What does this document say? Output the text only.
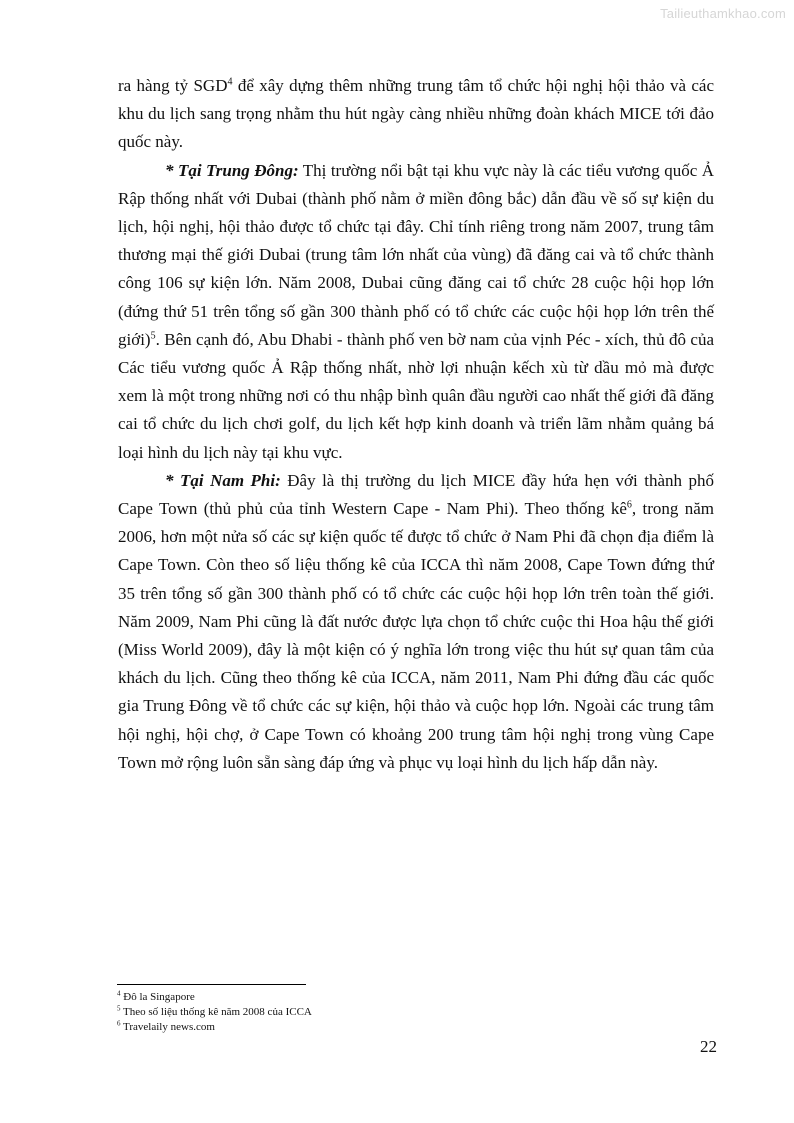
Tailieuthamkhao.com

ra hàng tỷ SGD$^4$ để xây dựng thêm những trung tâm tổ chức hội nghị hội thảo và các khu du lịch sang trọng nhằm thu hút ngày càng nhiều những đoàn khách MICE tới đảo quốc này.

* Tại Trung Đông: Thị trường nổi bật tại khu vực này là các tiểu vương quốc Ả Rập thống nhất với Dubai (thành phố nằm ở miền đông bắc) dẫn đầu về số sự kiện du lịch, hội nghị, hội thảo được tổ chức tại đây. Chỉ tính riêng trong năm 2007, trung tâm thương mại thế giới Dubai (trung tâm lớn nhất của vùng) đã đăng cai và tổ chức thành công 106 sự kiện lớn. Năm 2008, Dubai cũng đăng cai tổ chức 28 cuộc hội họp lớn (đứng thứ 51 trên tổng số gần 300 thành phố có tổ chức các cuộc hội họp lớn trên thế giới)$^5$. Bên cạnh đó, Abu Dhabi - thành phố ven bờ nam của vịnh Péc - xích, thủ đô của Các tiểu vương quốc Ả Rập thống nhất, nhờ lợi nhuận kếch xù từ dầu mỏ mà được xem là một trong những nơi có thu nhập bình quân đầu người cao nhất thế giới đã đăng cai tổ chức du lịch chơi golf, du lịch kết hợp kinh doanh và triển lãm nhằm quảng bá loại hình du lịch này tại khu vực.

* Tại Nam Phi: Đây là thị trường du lịch MICE đầy hứa hẹn với thành phố Cape Town (thủ phủ của tỉnh Western Cape - Nam Phi). Theo thống $kê^6$, trong năm 2006, hơn một nửa số các sự kiện quốc tế được tổ chức ở Nam Phi đã chọn địa điểm là Cape Town. Còn theo số liệu thống kê của ICCA thì năm 2008, Cape Town đứng thứ 35 trên tổng số gần 300 thành phố có tổ chức các cuộc hội họp lớn trên toàn thế giới. Năm 2009, Nam Phi cũng là đất nước được lựa chọn tổ chức cuộc thi Hoa hậu thế giới (Miss World 2009), đây là một kiện có ý nghĩa lớn trong việc thu hút sự quan tâm của khách du lịch. Cũng theo thống kê của ICCA, năm 2011, Nam Phi đứng đầu các quốc gia Trung Đông về tổ chức các sự kiện, hội thảo và cuộc họp lớn. Ngoài các trung tâm hội nghị, hội chợ, ở Cape Town có khoảng 200 trung tâm hội nghị trong vùng Cape Town mở rộng luôn sẵn sàng đáp ứng và phục vụ loại hình du lịch hấp dẫn này.

$^4$ Đô la Singapore
$^5$ Theo số liệu thống kê năm 2008 của ICCA
$^6$ Travelaily news.com
22
